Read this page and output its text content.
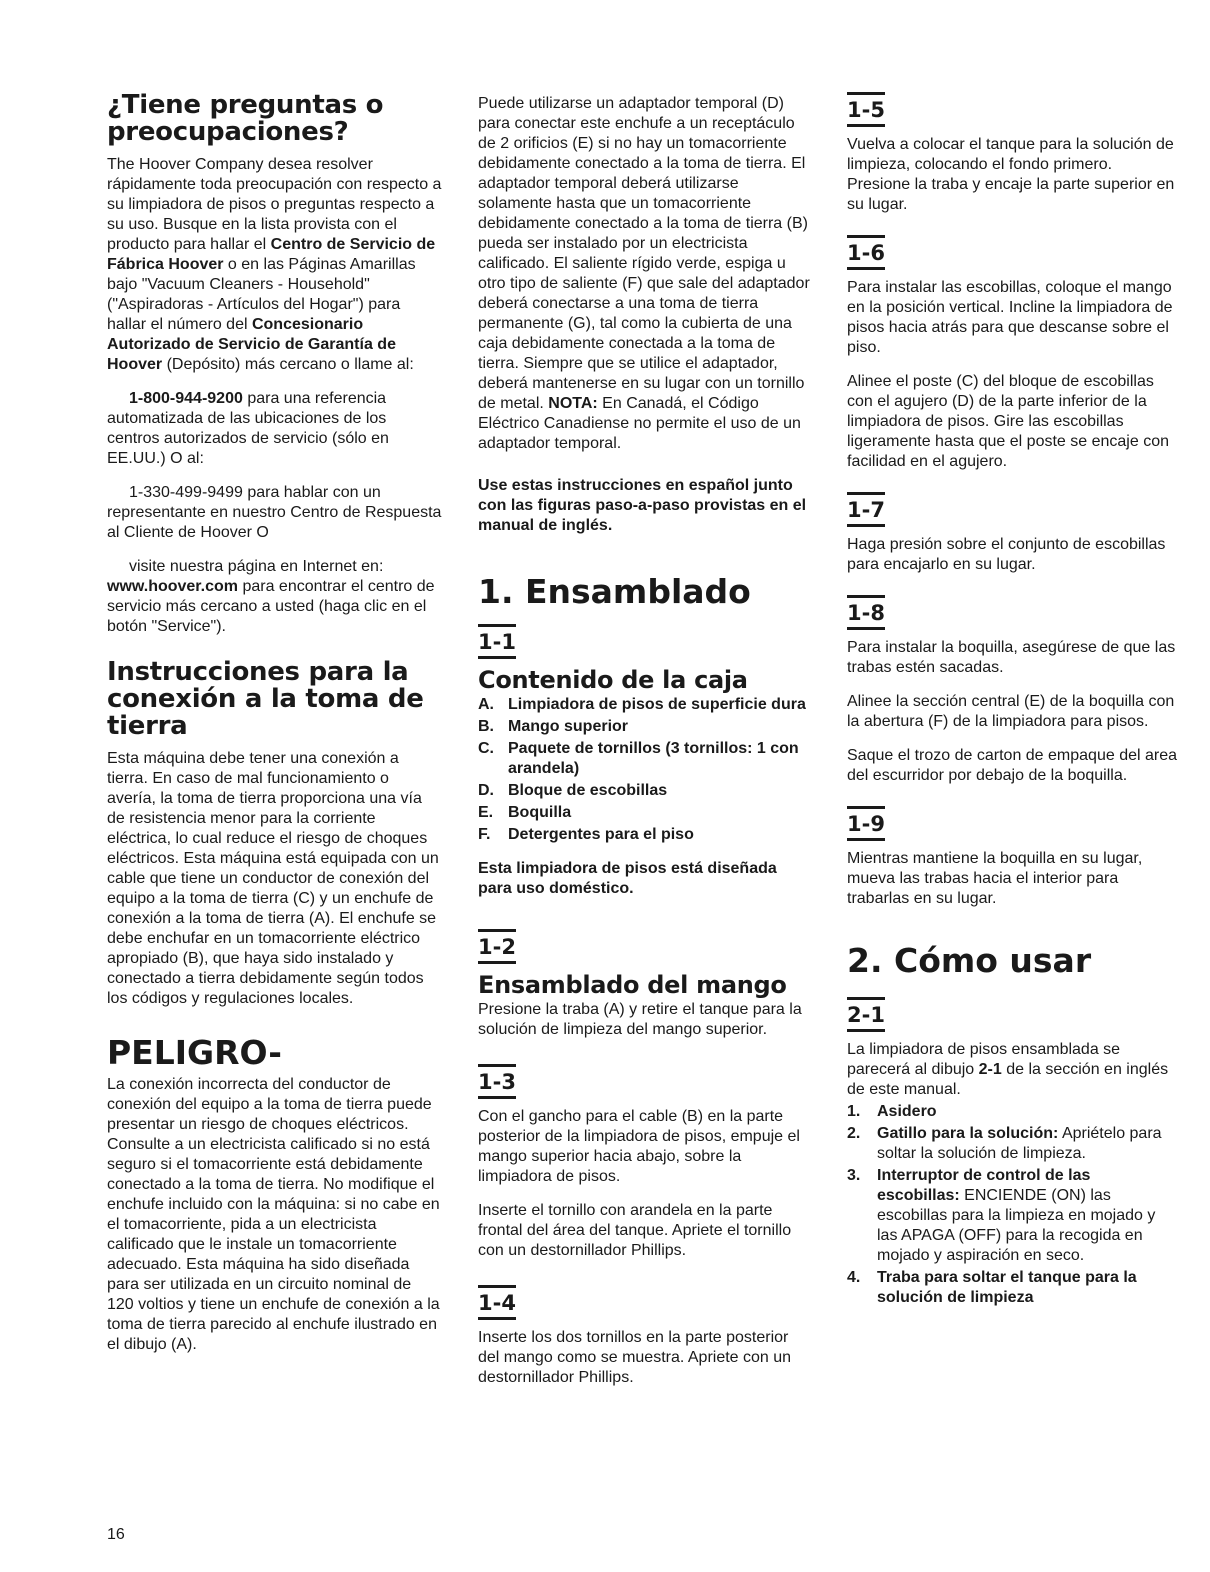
¿Tiene preguntas o preocupaciones?

The Hoover Company desea resolver rápidamente toda preocupación con respecto a su limpiadora de pisos o preguntas respecto a su uso. Busque en la lista provista con el producto para hallar el Centro de Servicio de Fábrica Hoover o en las Páginas Amarillas bajo "Vacuum Cleaners - Household" ("Aspiradoras - Artículos del Hogar") para hallar el número del Concesionario Autorizado de Servicio de Garantía de Hoover (Depósito) más cercano o llame al:

1-800-944-9200 para una referencia automatizada de las ubicaciones de los centros autorizados de servicio (sólo en EE.UU.) O al:

1-330-499-9499 para hablar con un representante en nuestro Centro de Respuesta al Cliente de Hoover O

visite nuestra página en Internet en: www.hoover.com para encontrar el centro de servicio más cercano a usted (haga clic en el botón "Service").

Instrucciones para la conexión a la toma de tierra

Esta máquina debe tener una conexión a tierra. En caso de mal funcionamiento o avería, la toma de tierra proporciona una vía de resistencia menor para la corriente eléctrica, lo cual reduce el riesgo de choques eléctricos. Esta máquina está equipada con un cable que tiene un conductor de conexión del equipo a la toma de tierra (C) y un enchufe de conexión a la toma de tierra (A). El enchufe se debe enchufar en un tomacorriente eléctrico apropiado (B), que haya sido instalado y conectado a tierra debidamente según todos los códigos y regulaciones locales.

PELIGRO-

La conexión incorrecta del conductor de conexión del equipo a la toma de tierra puede presentar un riesgo de choques eléctricos. Consulte a un electricista calificado si no está seguro si el tomacorriente está debidamente conectado a la toma de tierra. No modifique el enchufe incluido con la máquina: si no cabe en el tomacorriente, pida a un electricista calificado que le instale un tomacorriente adecuado. Esta máquina ha sido diseñada para ser utilizada en un circuito nominal de 120 voltios y tiene un enchufe de conexión a la toma de tierra parecido al enchufe ilustrado en el dibujo (A).

Puede utilizarse un adaptador temporal (D) para conectar este enchufe a un receptáculo de 2 orificios (E) si no hay un tomacorriente debidamente conectado a la toma de tierra. El adaptador temporal deberá utilizarse solamente hasta que un tomacorriente debidamente conectado a la toma de tierra (B) pueda ser instalado por un electricista calificado. El saliente rígido verde, espiga u otro tipo de saliente (F) que sale del adaptador deberá conectarse a una toma de tierra permanente (G), tal como la cubierta de una caja debidamente conectada a la toma de tierra. Siempre que se utilice el adaptador, deberá mantenerse en su lugar con un tornillo de metal. NOTA: En Canadá, el Código Eléctrico Canadiense no permite el uso de un adaptador temporal.

Use estas instrucciones en español junto con las figuras paso-a-paso provistas en el manual de inglés.

1. Ensamblado
1-1
Contenido de la caja
A. Limpiadora de pisos de superficie dura
B. Mango superior
C. Paquete de tornillos (3 tornillos: 1 con arandela)
D. Bloque de escobillas
E. Boquilla
F. Detergentes para el piso

Esta limpiadora de pisos está diseñada para uso doméstico.

1-2
Ensamblado del mango

Presione la traba (A) y retire el tanque para la solución de limpieza del mango superior.

1-3

Con el gancho para el cable (B) en la parte posterior de la limpiadora de pisos, empuje el mango superior hacia abajo, sobre la limpiadora de pisos.

Inserte el tornillo con arandela en la parte frontal del área del tanque. Apriete el tornillo con un destornillador Phillips.

1-4

Inserte los dos tornillos en la parte posterior del mango como se muestra. Apriete con un destornillador Phillips.

1-5

Vuelva a colocar el tanque para la solución de limpieza, colocando el fondo primero. Presione la traba y encaje la parte superior en su lugar.

1-6

Para instalar las escobillas, coloque el mango en la posición vertical. Incline la limpiadora de pisos hacia atrás para que descanse sobre el piso.

Alinee el poste (C) del bloque de escobillas con el agujero (D) de la parte inferior de la limpiadora de pisos. Gire las escobillas ligeramente hasta que el poste se encaje con facilidad en el agujero.

1-7

Haga presión sobre el conjunto de escobillas para encajarlo en su lugar.

1-8

Para instalar la boquilla, asegúrese de que las trabas estén sacadas.

Alinee la sección central (E) de la boquilla con la abertura (F) de la limpiadora para pisos.

Saque el trozo de carton de empaque del area del escurridor por debajo de la boquilla.

1-9

Mientras mantiene la boquilla en su lugar, mueva las trabas hacia el interior para trabarlas en su lugar.

2. Cómo usar
2-1

La limpiadora de pisos ensamblada se parecerá al dibujo 2-1 de la sección en inglés de este manual.

1. Asidero
2. Gatillo para la solución: Apriételo para soltar la solución de limpieza.
3. Interruptor de control de las escobillas: ENCIENDE (ON) las escobillas para la limpieza en mojado y las APAGA (OFF) para la recogida en mojado y aspiración en seco.
4. Traba para soltar el tanque para la solución de limpieza
16
